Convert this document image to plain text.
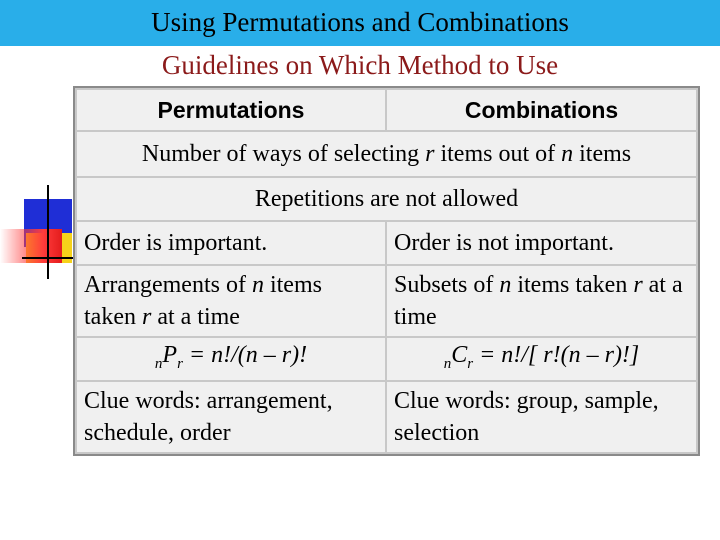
Using Permutations and Combinations
Guidelines on Which Method to Use
Permutations	Combinations
Number of ways of selecting r items out of n items	
Repetitions are not allowed	
Order is important.	Order is not important.
Arrangements of n items taken r at a time	Subsets of n items taken r at a time
$_nP_r = n!/(n - r)$!	$_nC_r = n!/$[ r!(n – r)!]
Clue words: arrangement, schedule, order	Clue words: group, sample, selection
